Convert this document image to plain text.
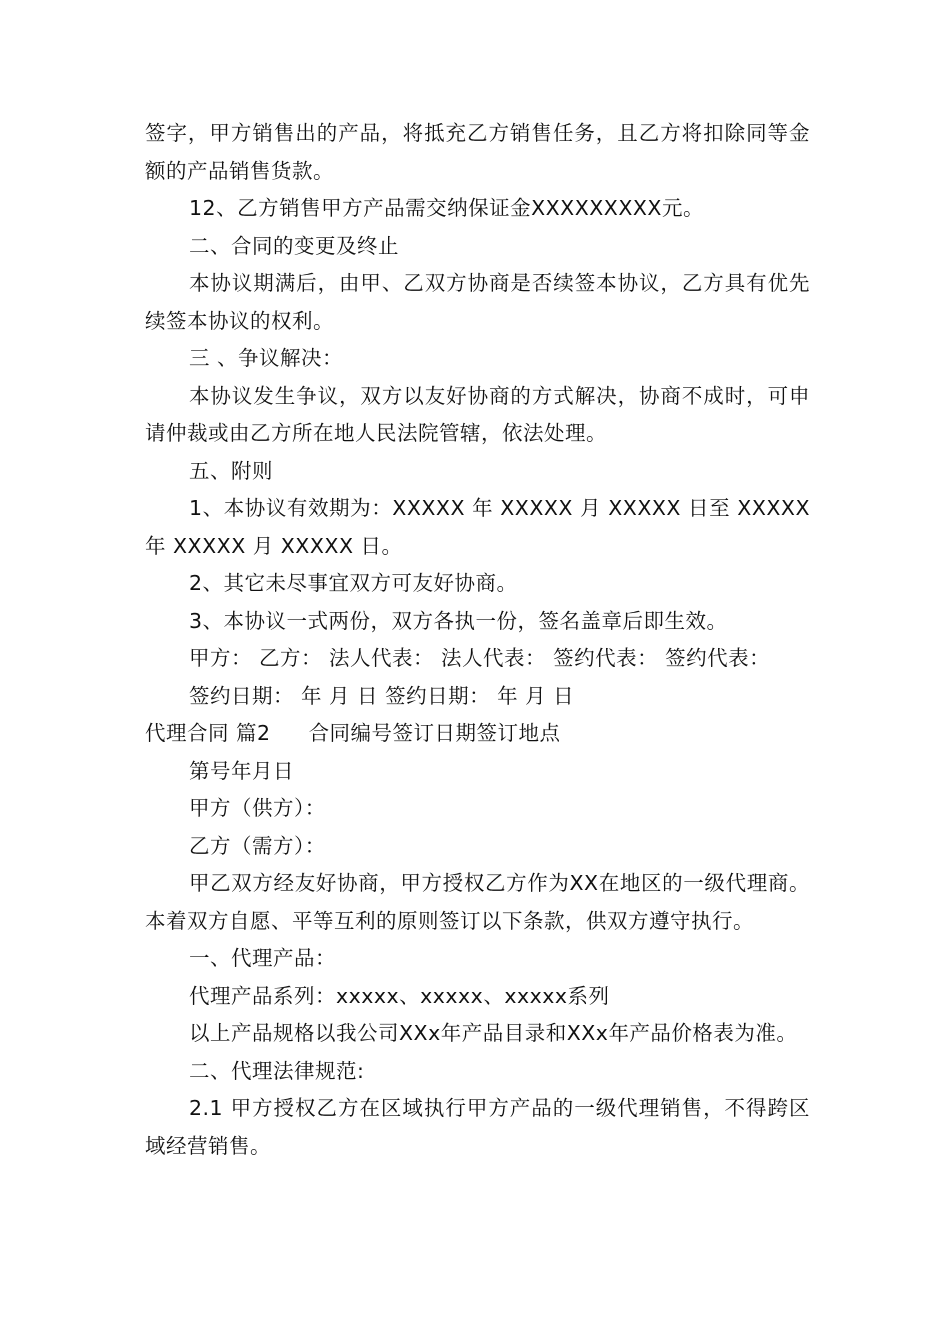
签字，甲方销售出的产品，将抵充乙方销售任务，且乙方将扣除同等金额的产品销售货款。

12、乙方销售甲方产品需交纳保证金XXXXXXXXX元。

二、合同的变更及终止

本协议期满后，由甲、乙双方协商是否续签本协议，乙方具有优先续签本协议的权利。

三 、争议解决：

本协议发生争议，双方以友好协商的方式解决，协商不成时，可申请仲裁或由乙方所在地人民法院管辖，依法处理。

五、附则

1、本协议有效期为：XXXXX 年 XXXXX 月 XXXXX 日至 XXXXX 年 XXXXX 月 XXXXX 日。

2、其它未尽事宜双方可友好协商。

3、本协议一式两份，双方各执一份，签名盖章后即生效。

甲方： 乙方： 法人代表： 法人代表： 签约代表： 签约代表：

签约日期： 年 月 日 签约日期： 年 月 日

代理合同 篇2 合同编号签订日期签订地点

第号年月日

甲方（供方）：

乙方（需方）：

甲乙双方经友好协商，甲方授权乙方作为XX在地区的一级代理商。本着双方自愿、平等互利的原则签订以下条款，供双方遵守执行。

一、代理产品：

代理产品系列：xxxxx、xxxxx、xxxxx系列

以上产品规格以我公司XXx年产品目录和XXx年产品价格表为准。

二、代理法律规范:

2.1 甲方授权乙方在区域执行甲方产品的一级代理销售，不得跨区域经营销售。
